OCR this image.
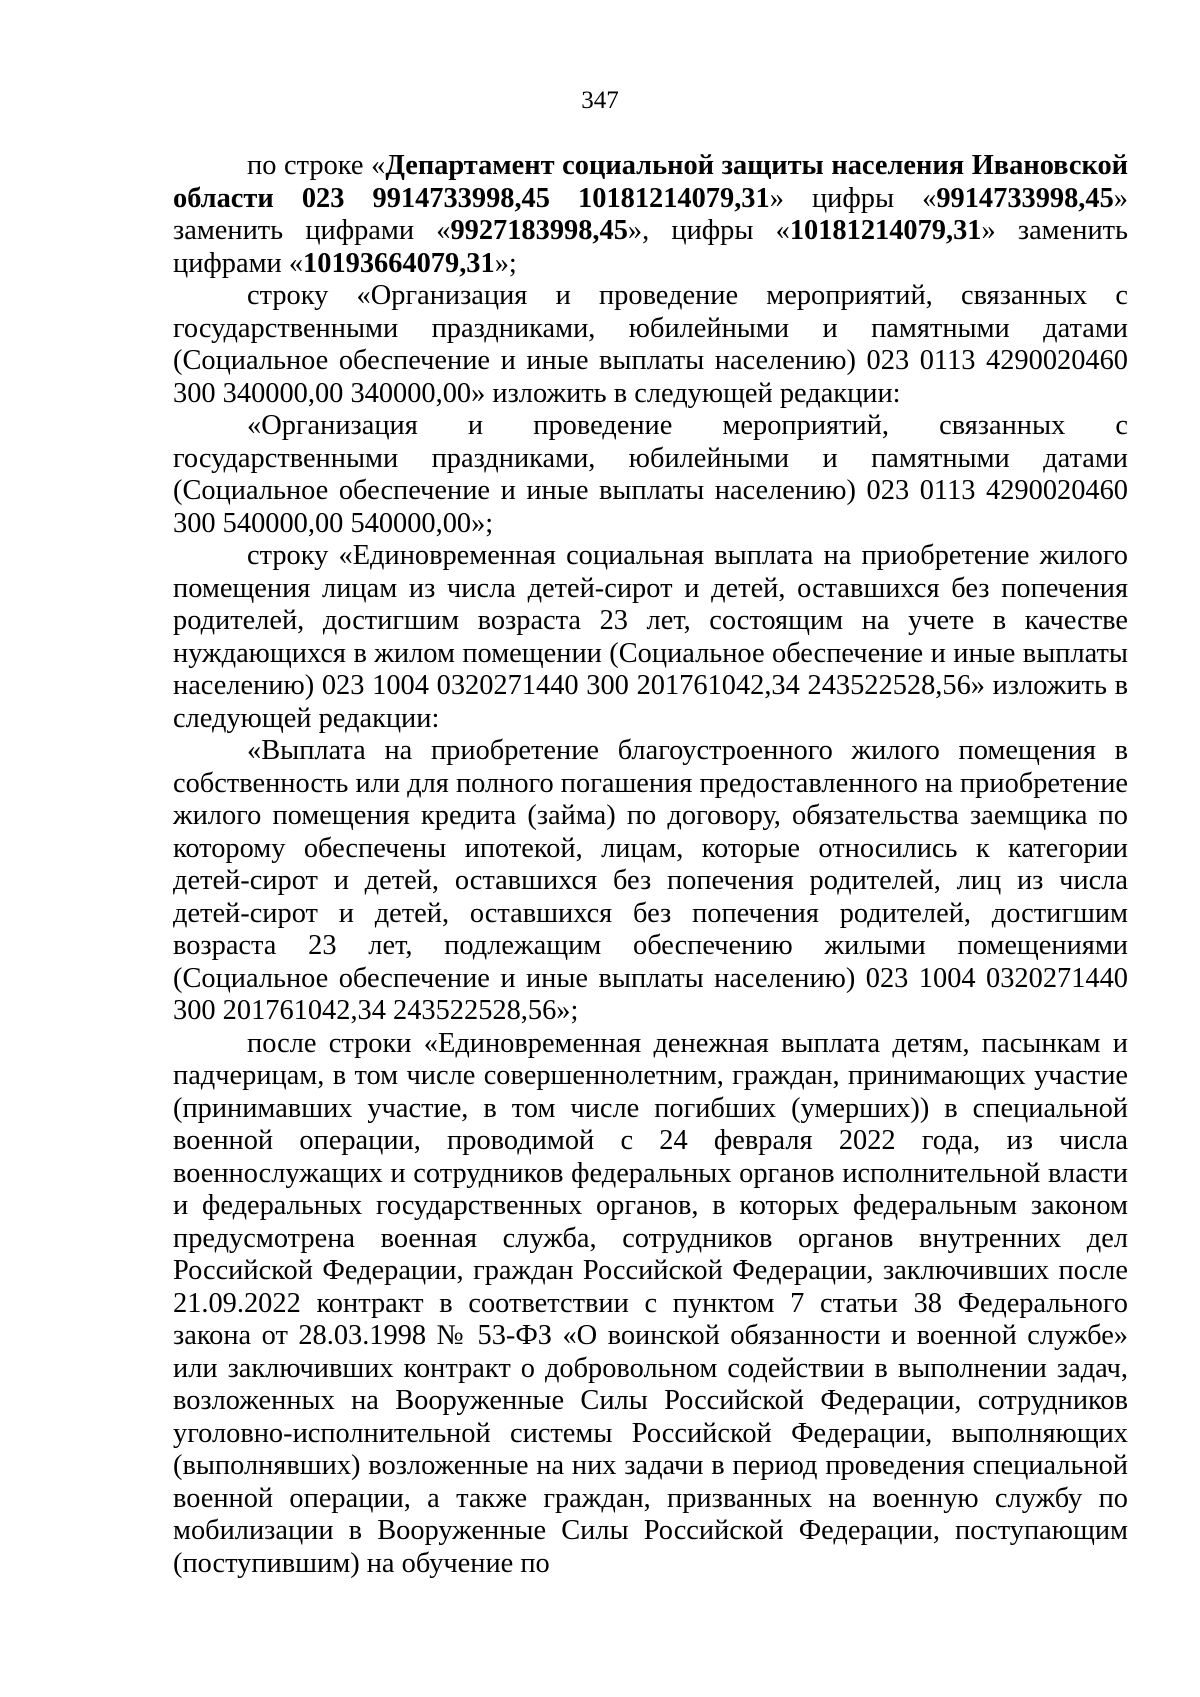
347

по строке «Департамент социальной защиты населения Ивановской области 023 9914733998,45 10181214079,31» цифры «9914733998,45» заменить цифрами «9927183998,45», цифры «10181214079,31» заменить цифрами «10193664079,31»;

строку «Организация и проведение мероприятий, связанных с государственными праздниками, юбилейными и памятными датами (Социальное обеспечение и иные выплаты населению) 023 0113 4290020460 300 340000,00 340000,00» изложить в следующей редакции:

«Организация и проведение мероприятий, связанных с государственными праздниками, юбилейными и памятными датами (Социальное обеспечение и иные выплаты населению) 023 0113 4290020460 300 540000,00 540000,00»;

строку «Единовременная социальная выплата на приобретение жилого помещения лицам из числа детей-сирот и детей, оставшихся без попечения родителей, достигшим возраста 23 лет, состоящим на учете в качестве нуждающихся в жилом помещении (Социальное обеспечение и иные выплаты населению) 023 1004 0320271440 300 201761042,34 243522528,56» изложить в следующей редакции:

«Выплата на приобретение благоустроенного жилого помещения в собственность или для полного погашения предоставленного на приобретение жилого помещения кредита (займа) по договору, обязательства заемщика по которому обеспечены ипотекой, лицам, которые относились к категории детей-сирот и детей, оставшихся без попечения родителей, лиц из числа детей-сирот и детей, оставшихся без попечения родителей, достигшим возраста 23 лет, подлежащим обеспечению жилыми помещениями (Социальное обеспечение и иные выплаты населению) 023 1004 0320271440 300 201761042,34 243522528,56»;

после строки «Единовременная денежная выплата детям, пасынкам и падчерицам, в том числе совершеннолетним, граждан, принимающих участие (принимавших участие, в том числе погибших (умерших)) в специальной военной операции, проводимой с 24 февраля 2022 года, из числа военнослужащих и сотрудников федеральных органов исполнительной власти и федеральных государственных органов, в которых федеральным законом предусмотрена военная служба, сотрудников органов внутренних дел Российской Федерации, граждан Российской Федерации, заключивших после 21.09.2022 контракт в соответствии с пунктом 7 статьи 38 Федерального закона от 28.03.1998 № 53-ФЗ «О воинской обязанности и военной службе» или заключивших контракт о добровольном содействии в выполнении задач, возложенных на Вооруженные Силы Российской Федерации, сотрудников уголовно-исполнительной системы Российской Федерации, выполняющих (выполнявших) возложенные на них задачи в период проведения специальной военной операции, а также граждан, призванных на военную службу по мобилизации в Вооруженные Силы Российской Федерации, поступающим (поступившим) на обучение по
